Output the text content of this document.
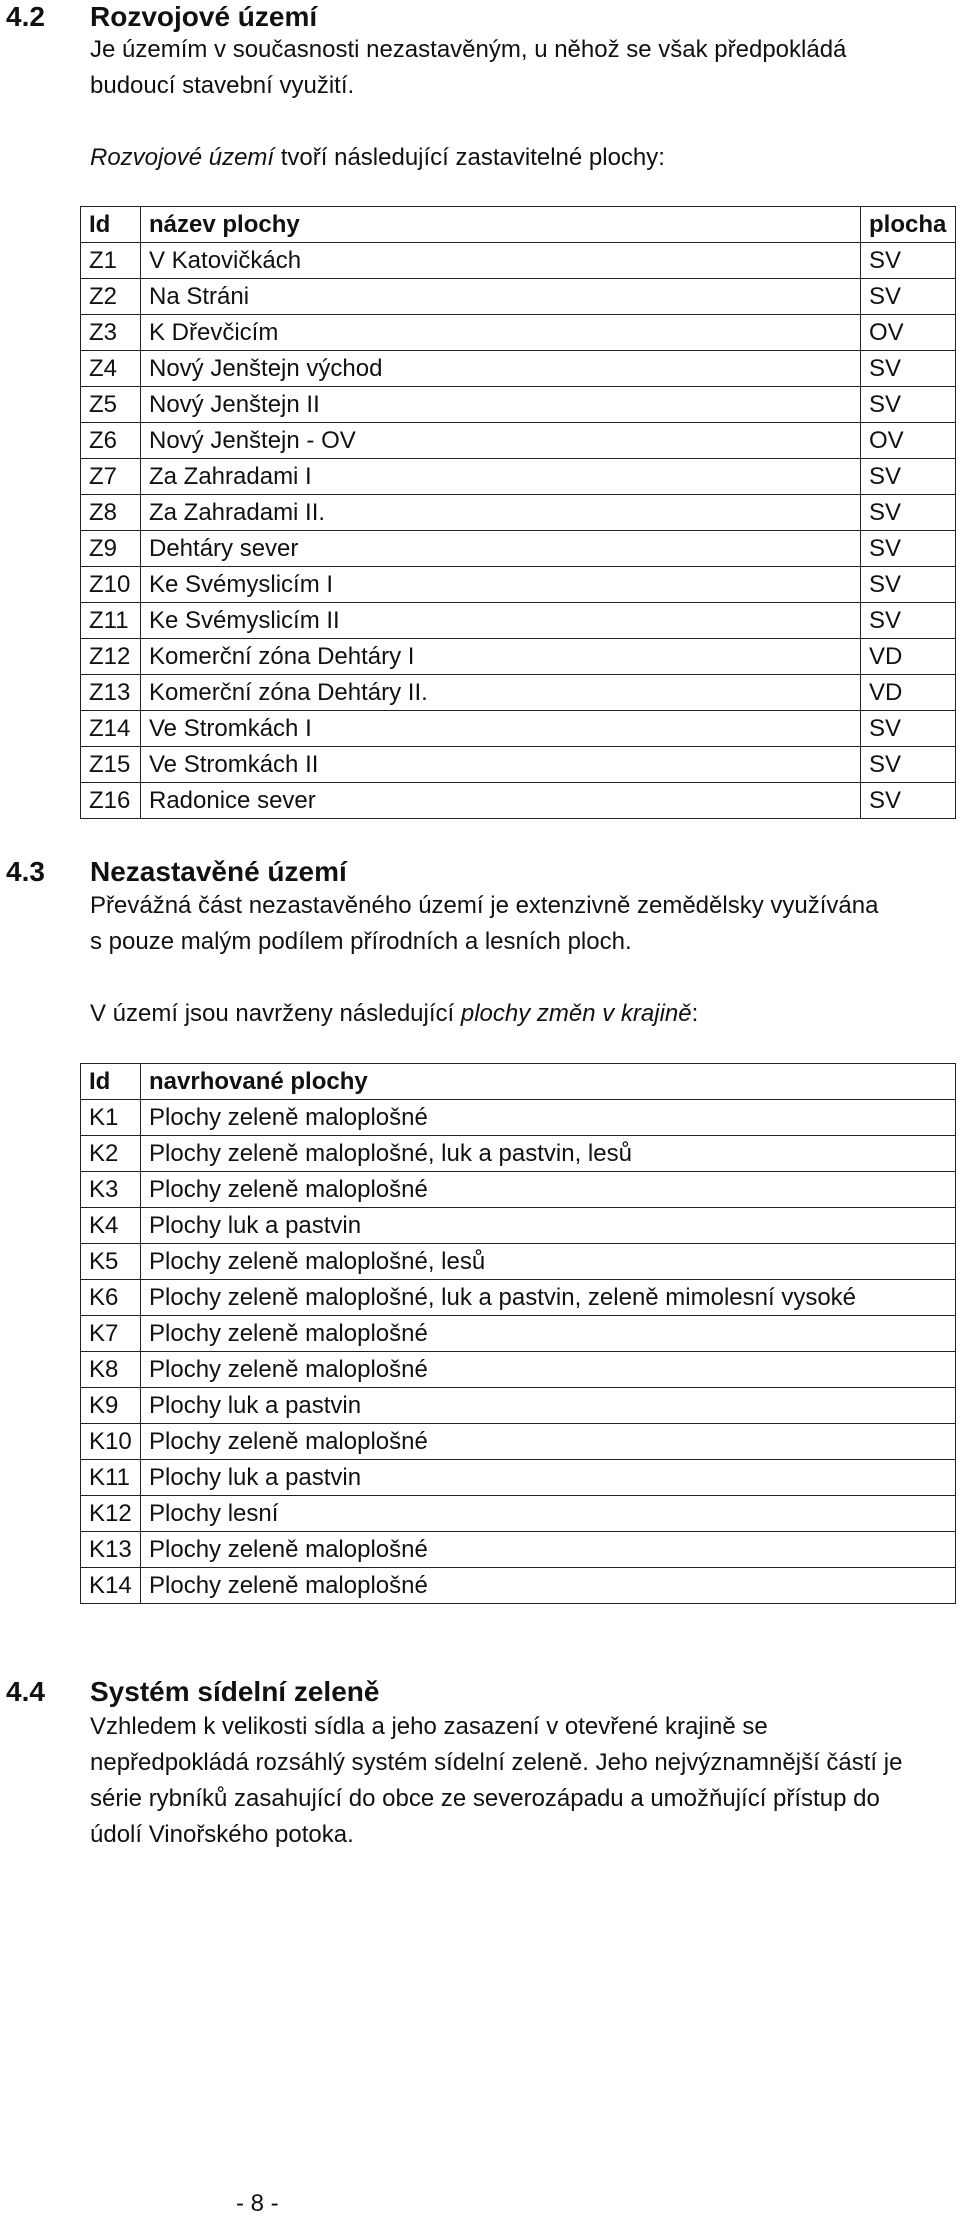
4.2 Rozvojové území

Je územím v současnosti nezastavěným, u něhož se však předpokládá

budoucí stavební využití.

Rozvojové území tvoří následující zastavitelné plochy:

Id	název plochy	plocha
Z1	V Katovičkách	SV
Z2	Na Stráni	SV
Z3	K Dřevčicím	OV
Z4	Nový Jenštejn východ	SV
Z5	Nový Jenštejn II	SV
Z6	Nový Jenštejn - OV	OV
Z7	Za Zahradami I	SV
Z8	Za Zahradami II.	SV
Z9	Dehtáry sever	SV
Z10	Ke Svémyslicím I	SV
Z11	Ke Svémyslicím II	SV
Z12	Komerční zóna Dehtáry I	VD
Z13	Komerční zóna Dehtáry II.	VD
Z14	Ve Stromkách I	SV
Z15	Ve Stromkách II	SV
Z16	Radonice sever	SV
4.3 Nezastavěné území

Převážná část nezastavěného území je extenzivně zemědělsky využívána

s pouze malým podílem přírodních a lesních ploch.

V území jsou navrženy následující plochy změn v krajině:

Id	navrhované plochy
K1	Plochy zeleně maloplošné
K2	Plochy zeleně maloplošné, luk a pastvin, lesů
K3	Plochy zeleně maloplošné
K4	Plochy luk a pastvin
K5	Plochy zeleně maloplošné, lesů
K6	Plochy zeleně maloplošné, luk a pastvin, zeleně mimolesní vysoké
K7	Plochy zeleně maloplošné
K8	Plochy zeleně maloplošné
K9	Plochy luk a pastvin
K10	Plochy zeleně maloplošné
K11	Plochy luk a pastvin
K12	Plochy lesní
K13	Plochy zeleně maloplošné
K14	Plochy zeleně maloplošné
4.4 Systém sídelní zeleně

Vzhledem k velikosti sídla a jeho zasazení v otevřené krajině se

nepředpokládá rozsáhlý systém sídelní zeleně. Jeho nejvýznamnější částí je

série rybníků zasahující do obce ze severozápadu a umožňující přístup do

údolí Vinořského potoka.

- 8 -
